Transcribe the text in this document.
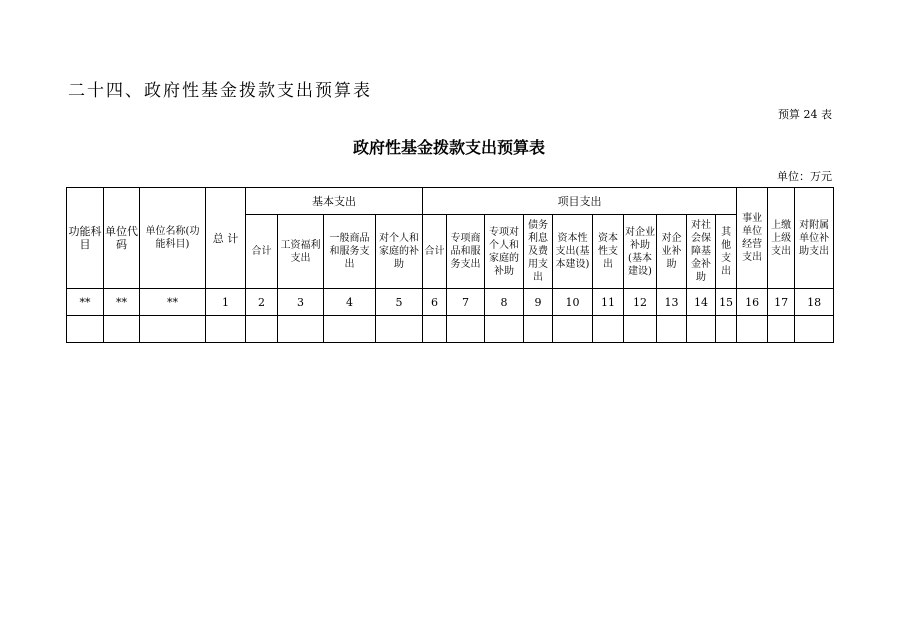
二十四、政府性基金拨款支出预算表
预算 24 表
政府性基金拨款支出预算表
单位：万元
功能科目	单位代码	单位名称(功能科目)	总 计	基本支出				项目支出										事业单位经营支出	上缴上级支出	对附属单位补助支出
				合计	工资福利支出	一般商品和服务支出	对个人和家庭的补助	合计	专项商品和服务支出	专项对个人和家庭的补助	债务利息及费用支出	资本性支出(基本建设)	资本性支出	对企业补助(基本建设)	对企业补助	对社会保障基金补助	其他支出			
**	**	**	1	2	3	4	5	6	7	8	9	10	11	12	13	14	15	16	17	18
